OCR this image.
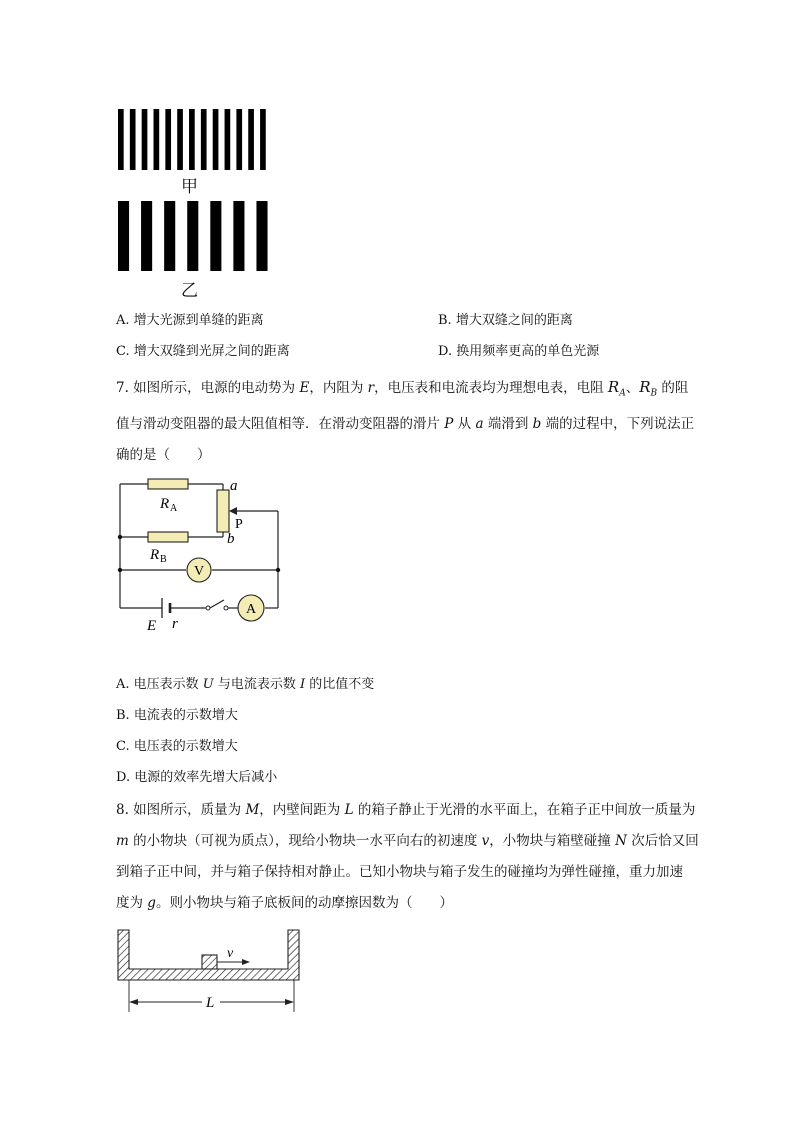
甲
乙
A. 增大光源到单缝的距离	B. 增大双缝之间的距离
C. 增大双缝到光屏之间的距离	D. 换用频率更高的单色光源
7. 如图所示，电源的电动势为 E，内阻为 r，电压表和电流表均为理想电表，电阻 $R_A$、$R_B$ 的阻
值与滑动变阻器的最大阻值相等．在滑动变阻器的滑片 P 从 a 端滑到 b 端的过程中，下列说法正
确的是（　　）
R A
R B
a
b
P
V
A
E r
A. 电压表示数 U 与电流表示数 I 的比值不变
B. 电流表的示数增大
C. 电压表的示数增大
D. 电源的效率先增大后减小
8. 如图所示，质量为 M，内壁间距为 L 的箱子静止于光滑的水平面上，在箱子正中间放一质量为
m 的小物块（可视为质点），现给小物块一水平向右的初速度 v，小物块与箱壁碰撞 N 次后恰又回
到箱子正中间，并与箱子保持相对静止。已知小物块与箱子发生的碰撞均为弹性碰撞，重力加速
度为 g。则小物块与箱子底板间的动摩擦因数为（　　）
v
L
